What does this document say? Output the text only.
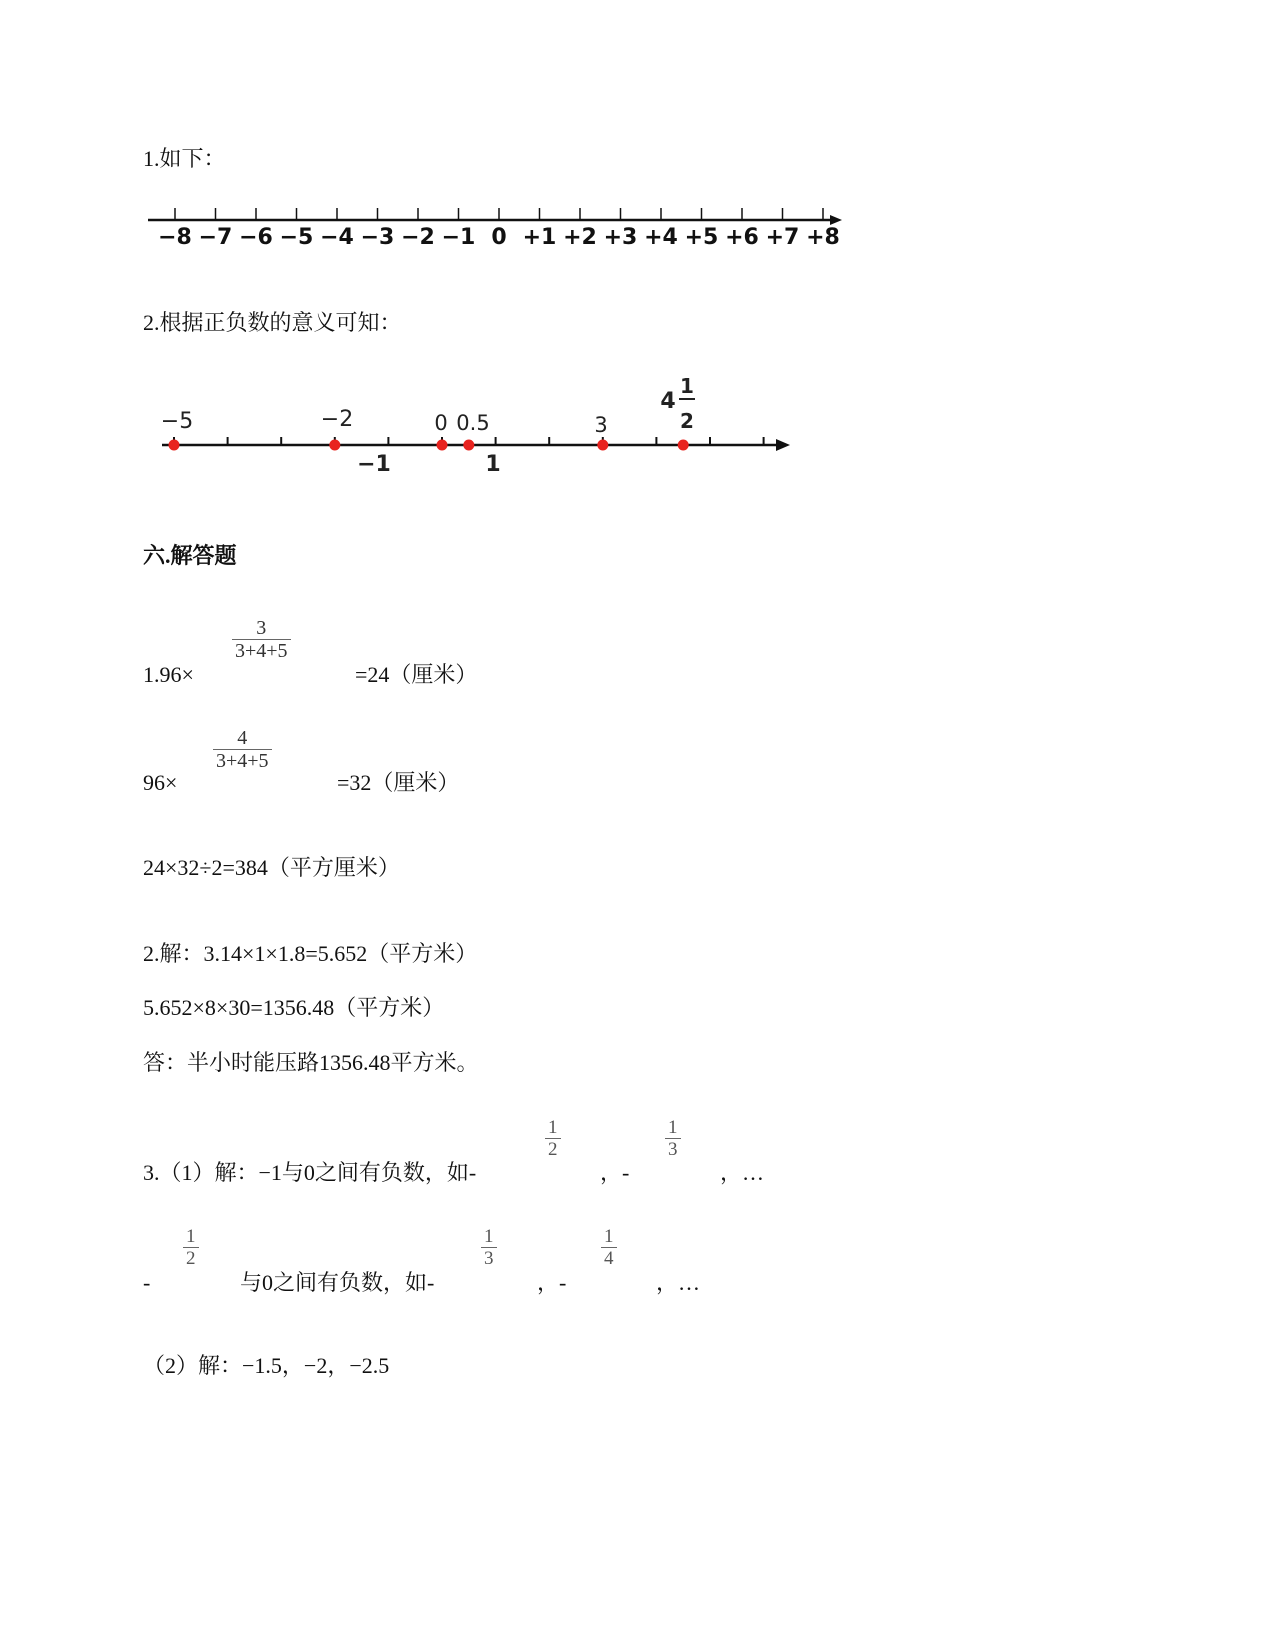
1.如下：
−8 −7 −6 −5 −4 −3 −2 −1 0 +1 +2 +3 +4 +5 +6 +7 +8
2.根据正负数的意义可知：
−5	−2	0 0.5	3
4
1
2
−1	1
六.解答题
1.96×
$\frac{3}{3+4+5}$
=24（厘米）
96×
$\frac{4}{3+4+5}$
=32（厘米）
24×32÷2=384（平方厘米）
2.解：3.14×1×1.8=5.652（平方米）
5.652×8×30=1356.48（平方米）
答：半小时能压路1356.48平方米。
3.（1）解：−1与0之间有负数，如-
$\frac{1}{2}$
，-
$\frac{1}{3}$
，…
-
$\frac{1}{2}$
与0之间有负数，如-
$\frac{1}{3}$
，-
$\frac{1}{4}$
，…
（2）解：−1.5，−2，−2.5
